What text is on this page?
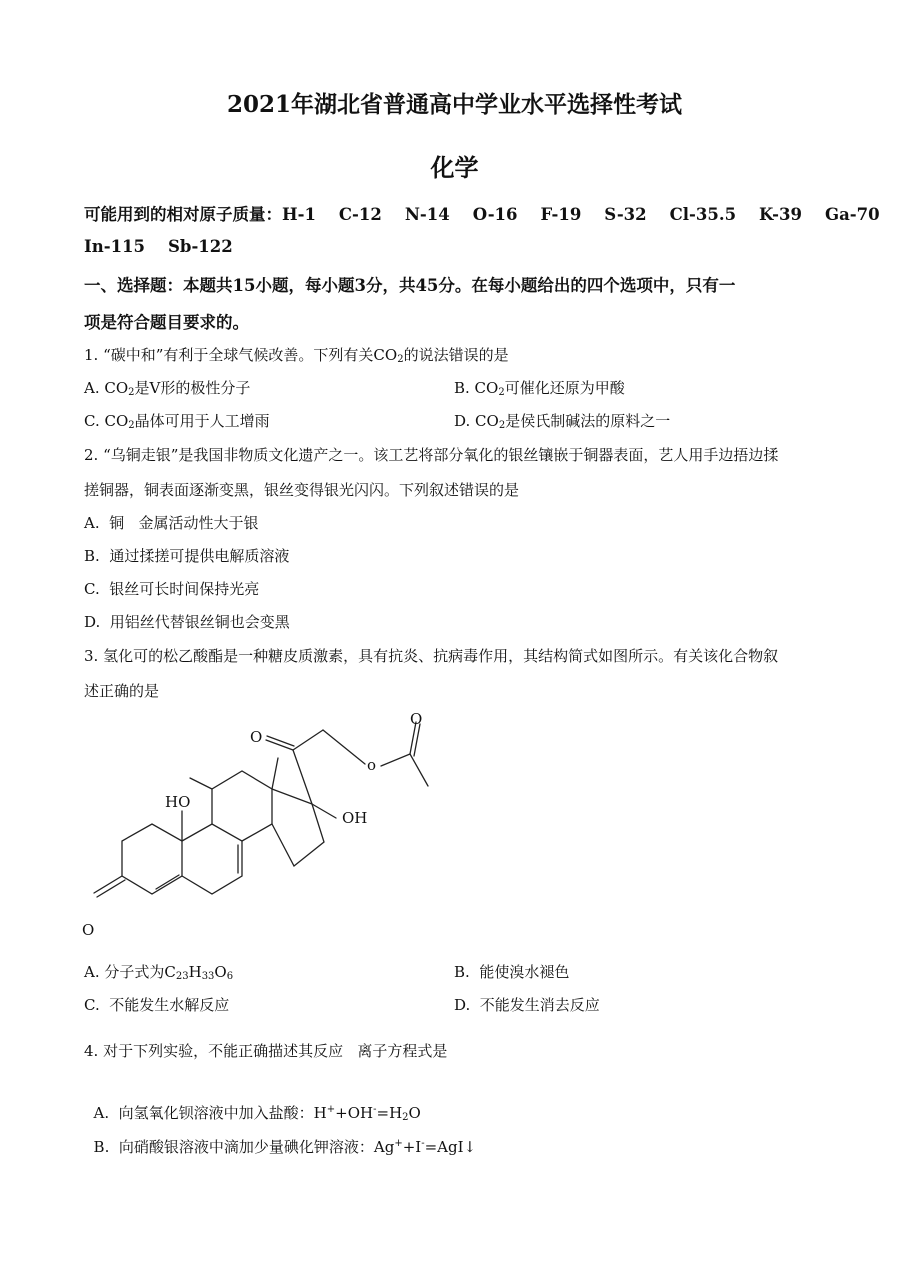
2021年湖北省普通高中学业水平选择性考试
化学
可能用到的相对原子质量：H-1 C-12 N-14 O-16 F-19 S-32 Cl-35.5 K-39 Ga-70
In-115 Sb-122
一、选择题：本题共15小题，每小题3分，共45分。在每小题给出的四个选项中，只有一
项是符合题目要求的。
1. “碳中和”有利于全球气候改善。下列有关$CO_2$的说法错误的是
A. $CO_2$是V形的极性分子	B. $CO_2$可催化还原为甲酸
C. $CO_2$晶体可用于人工增雨	D. $CO_2$是侯氏制碱法的原料之一
2. “乌铜走银”是我国非物质文化遗产之一。该工艺将部分氧化的银丝镶嵌于铜器表面，艺人用手边捂边揉
搓铜器，铜表面逐渐变黑，银丝变得银光闪闪。下列叙述错误的是
A.  铜   金属活动性大于银
B.  通过揉搓可提供电解质溶液
C.  银丝可长时间保持光亮
D.  用铝丝代替银丝铜也会变黑
3. 氢化可的松乙酸酯是一种糖皮质激素，具有抗炎、抗病毒作用，其结构简式如图所示。有关该化合物叙
述正确的是
HO
OH
O
o
O
O
A. 分子式为$C_{23}H_{33}O_6$	B.  能使溴水褪色
C.  不能发生水解反应	D.  不能发生消去反应
4. 对于下列实验，不能正确描述其反应   离子方程式是

A.  向氢氧化钡溶液中加入盐酸：$H^++OH^-=H_2O$

B.  向硝酸银溶液中滴加少量碘化钾溶液：Ag++I-=AgI↓
